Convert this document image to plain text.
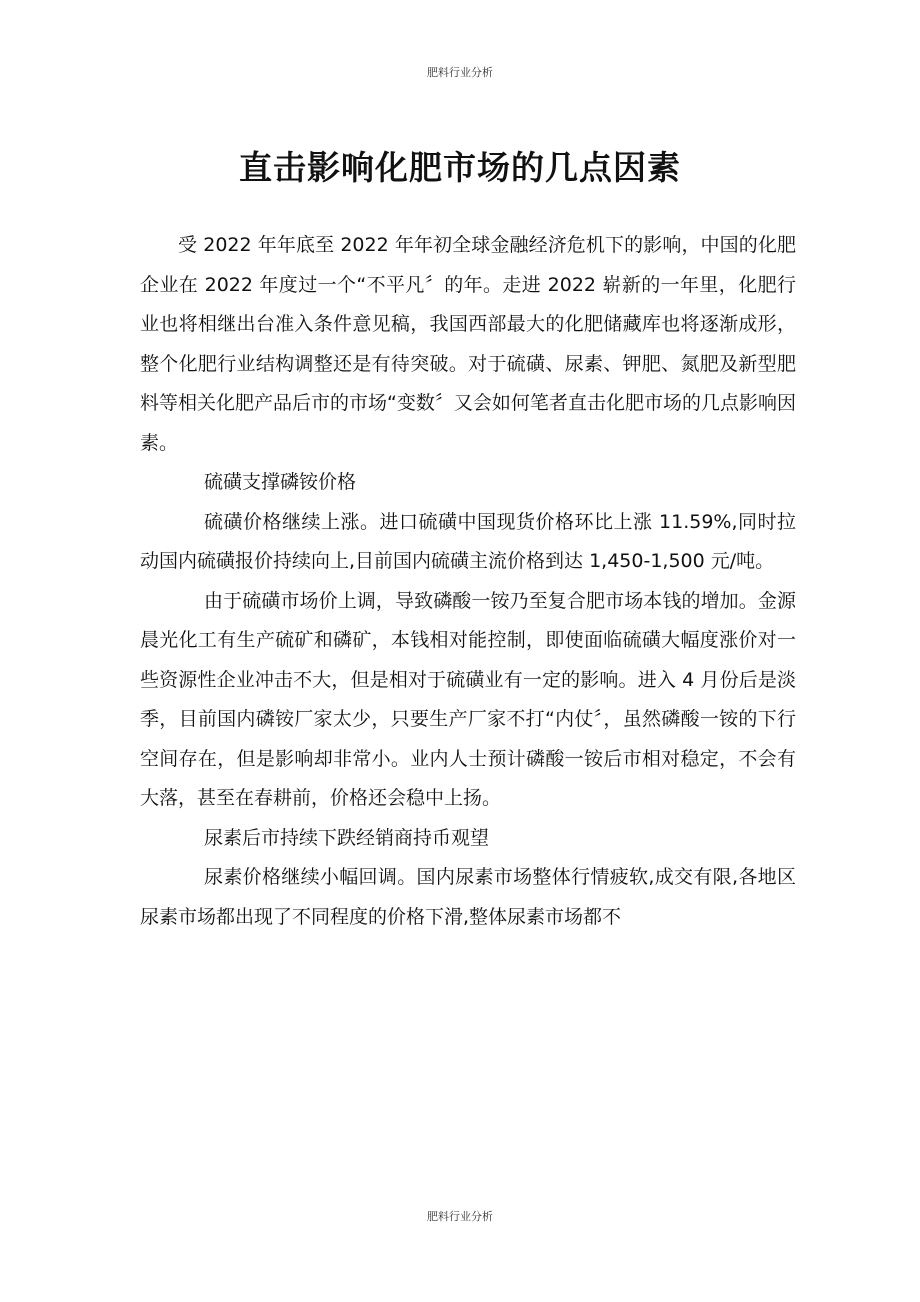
肥料行业分析
直击影响化肥市场的几点因素

受 2022 年年底至 2022 年年初全球金融经济危机下的影响，中国的化肥企业在 2022 年度过一个“不平凡〞的年。走进 2022 崭新的一年里，化肥行业也将相继出台准入条件意见稿，我国西部最大的化肥储藏库也将逐渐成形，整个化肥行业结构调整还是有待突破。对于硫磺、尿素、钾肥、氮肥及新型肥料等相关化肥产品后市的市场“变数〞又会如何笔者直击化肥市场的几点影响因素。

硫磺支撑磷铵价格

硫磺价格继续上涨。进口硫磺中国现货价格环比上涨 11.59%,同时拉动国内硫磺报价持续向上,目前国内硫磺主流价格到达 1,450-1,500 元/吨。

由于硫磺市场价上调，导致磷酸一铵乃至复合肥市场本钱的增加。金源晨光化工有生产硫矿和磷矿，本钱相对能控制，即使面临硫磺大幅度涨价对一些资源性企业冲击不大，但是相对于硫磺业有一定的影响。进入 4 月份后是淡季，目前国内磷铵厂家太少，只要生产厂家不打“内仗〞，虽然磷酸一铵的下行空间存在，但是影响却非常小。业内人士预计磷酸一铵后市相对稳定，不会有大落，甚至在春耕前，价格还会稳中上扬。

尿素后市持续下跌经销商持币观望

尿素价格继续小幅回调。国内尿素市场整体行情疲软,成交有限,各地区尿素市场都出现了不同程度的价格下滑,整体尿素市场都不

肥料行业分析
